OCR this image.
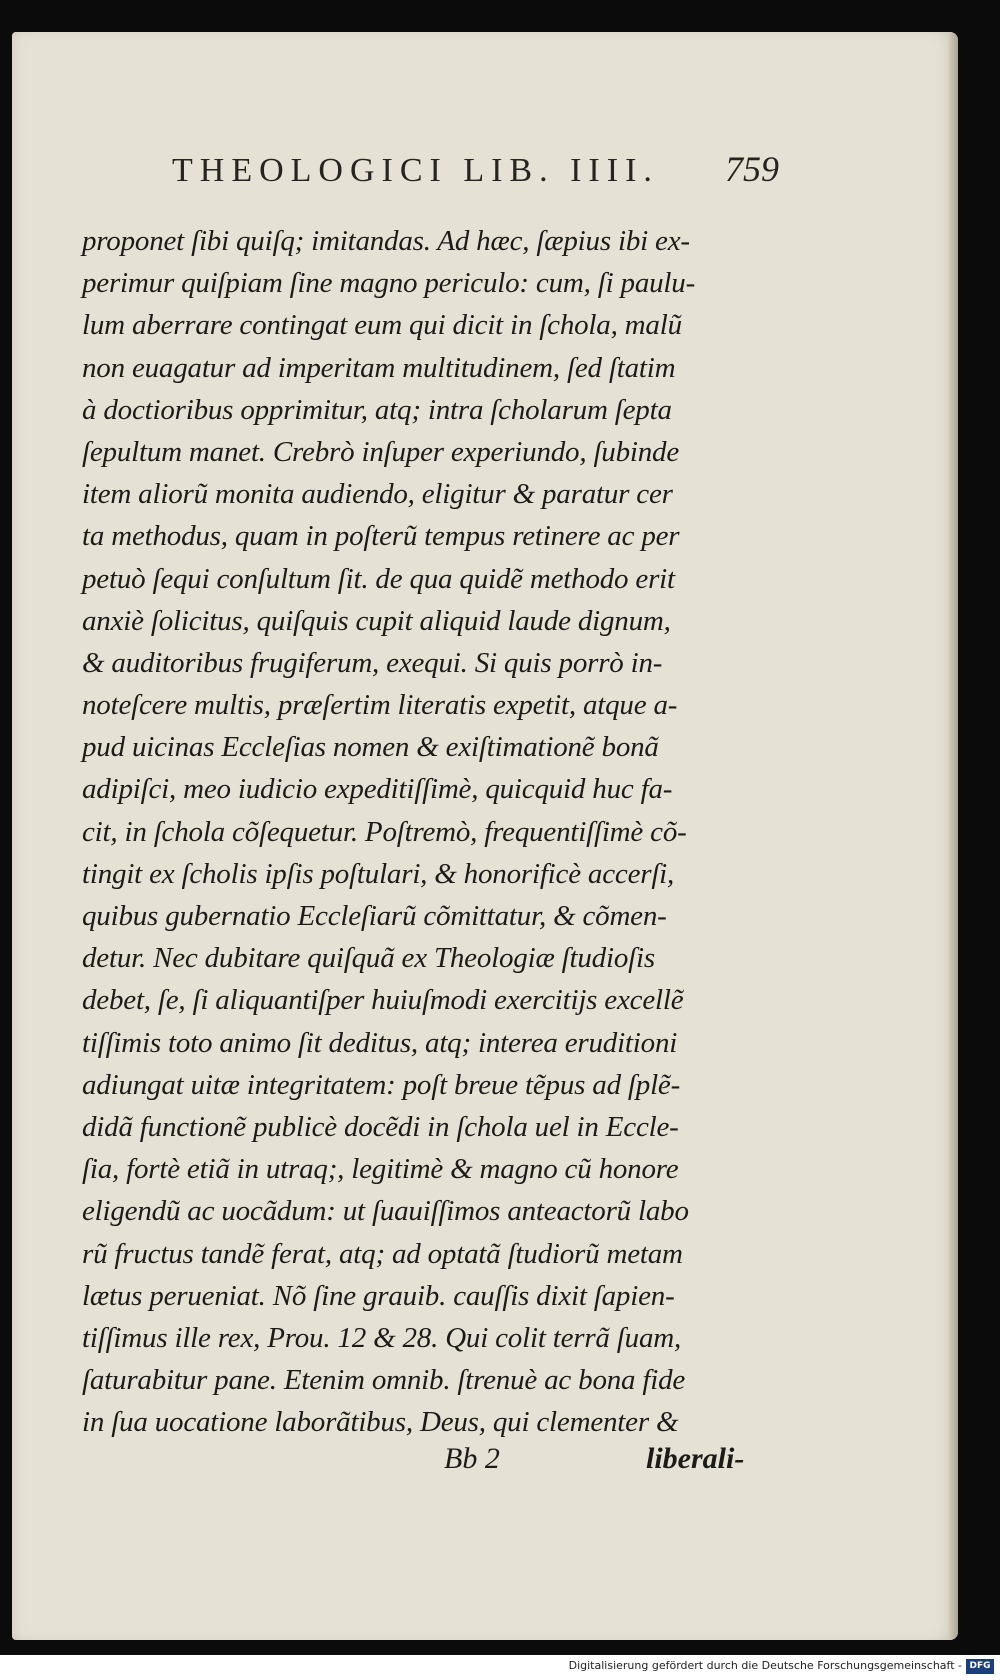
THEOLOGICI LIB. IIII. 759
proponet ſibi quiſq; imitandas. Ad hæc, ſæpius ibi ex-
perітur quiſpiam ſine magno periculo: cum, ſi paulu-
lum aberrare contingat eum qui dicit in ſchola, malũ
non euagatur ad imperitam multitudinem, ſed ſtatim
à doctioribus opprimitur, atq; intra ſcholarum ſepta
ſepultum manet. Crebrò inſuper experiundo, ſubinde
item aliorũ monita audiendo, eligitur & paratur cer
ta methodus, quam in poſterũ tempus retinere ac per
petuò ſequi conſultum ſit. de qua quidẽ methodo erit
anxiè ſolicitus, quiſquis cupit aliquid laude dignum,
& auditoribus frugiferum, exequi. Si quis porrò in-
noteſcere multis, præſertim literatis expetit, atque a-
pud uicinas Eccleſias nomen & exiſtimationẽ bonã
adipiſci, meo iudicio expeditiſſimè, quicquid huc fa-
cit, in ſchola cõſequetur. Poſtremò, frequentiſſimè cõ-
tingit ex ſcholis ipſis poſtulari, & honorificè accerſi,
quibus gubernatio Eccleſiarũ cõmittatur, & cõmen-
detur. Nec dubitare quiſquã ex Theologiæ ſtudioſis
debet, ſe, ſi aliquantiſper huiuſmodi exercitijs excellẽ
tiſſimis toto animo ſit deditus, atq; interea eruditioni
adiungat uitæ integritatem: poſt breue tẽpus ad ſplẽ-
didã functionẽ publicè docẽdi in ſchola uel in Eccle-
ſia, fortè etiã in utraq;, legitimè & magno cũ honore
eligendũ ac uocãdum: ut ſuauiſſimos anteactorũ labo
rũ fructus tandẽ ferat, atq; ad optatã ſtudiorũ metam
lætus perueniat. Nõ ſine grauib. cauſſis dixit ſapien-
tiſſimus ille rex, Prou. 12 & 28. Qui colit terrã ſuam,
ſaturabitur pane. Etenim omnib. ſtrenuè ac bona fide
in ſua uocatione laborãtibus, Deus, qui clementer &
Bb 2	liberali-
Digitalisierung gefördert durch die Deutsche Forschungsgemeinschaft - DFG
